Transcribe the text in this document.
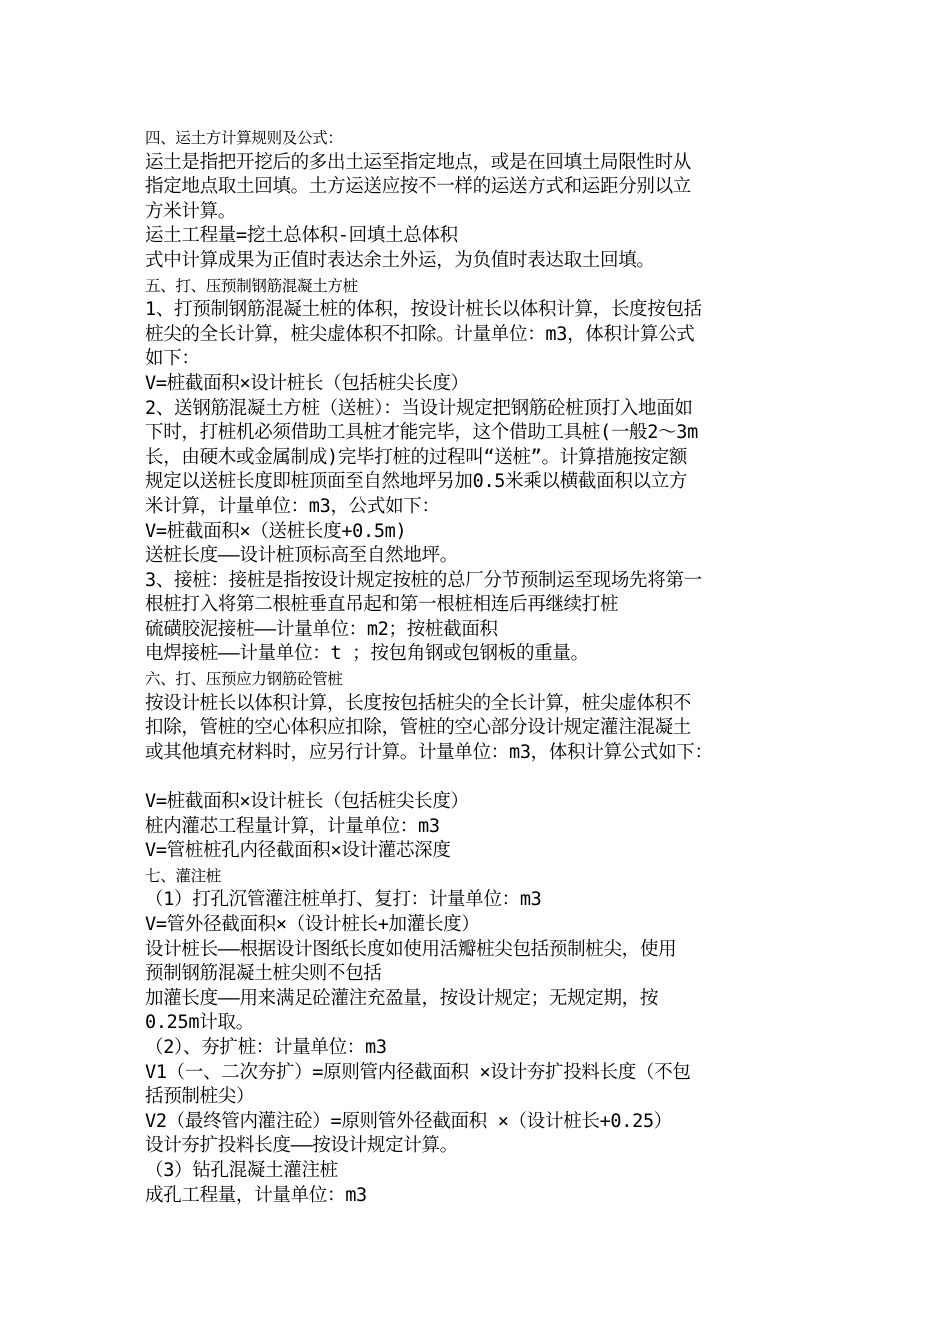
四、运土方计算规则及公式：
运土是指把开挖后的多出土运至指定地点，或是在回填土局限性时从
指定地点取土回填。土方运送应按不一样的运送方式和运距分别以立
方米计算。
运土工程量=挖土总体积-回填土总体积
式中计算成果为正值时表达余土外运，为负值时表达取土回填。
五、打、压预制钢筋混凝土方桩
1、打预制钢筋混凝土桩的体积，按设计桩长以体积计算，长度按包括
桩尖的全长计算，桩尖虚体积不扣除。计量单位：m3，体积计算公式
如下：
V=桩截面积×设计桩长（包括桩尖长度）
2、送钢筋混凝土方桩（送桩）：当设计规定把钢筋砼桩顶打入地面如
下时，打桩机必须借助工具桩才能完毕，这个借助工具桩(一般2～3m
长，由硬木或金属制成)完毕打桩的过程叫“送桩”。计算措施按定额
规定以送桩长度即桩顶面至自然地坪另加0.5米乘以横截面积以立方
米计算，计量单位：m3，公式如下：
V=桩截面积×（送桩长度+0.5m)
送桩长度——设计桩顶标高至自然地坪。
3、接桩：接桩是指按设计规定按桩的总厂分节预制运至现场先将第一
根桩打入将第二根桩垂直吊起和第一根桩相连后再继续打桩
硫磺胶泥接桩——计量单位：m2；按桩截面积
电焊接桩——计量单位：t ；按包角钢或包钢板的重量。
六、打、压预应力钢筋砼管桩
按设计桩长以体积计算，长度按包括桩尖的全长计算，桩尖虚体积不
扣除，管桩的空心体积应扣除，管桩的空心部分设计规定灌注混凝土
或其他填充材料时，应另行计算。计量单位：m3，体积计算公式如下：
V=桩截面积×设计桩长（包括桩尖长度）
桩内灌芯工程量计算，计量单位：m3
V=管桩桩孔内径截面积×设计灌芯深度
七、灌注桩
（1）打孔沉管灌注桩单打、复打：计量单位：m3
V=管外径截面积×（设计桩长+加灌长度）
设计桩长——根据设计图纸长度如使用活瓣桩尖包括预制桩尖，使用
预制钢筋混凝土桩尖则不包括
加灌长度——用来满足砼灌注充盈量，按设计规定；无规定期，按
0.25m计取。
（2）、夯扩桩：计量单位：m3
V1（一、二次夯扩）=原则管内径截面积 ×设计夯扩投料长度（不包
括预制桩尖）
V2（最终管内灌注砼）=原则管外径截面积 ×（设计桩长+0.25）
设计夯扩投料长度——按设计规定计算。
（3）钻孔混凝土灌注桩
成孔工程量，计量单位：m3
